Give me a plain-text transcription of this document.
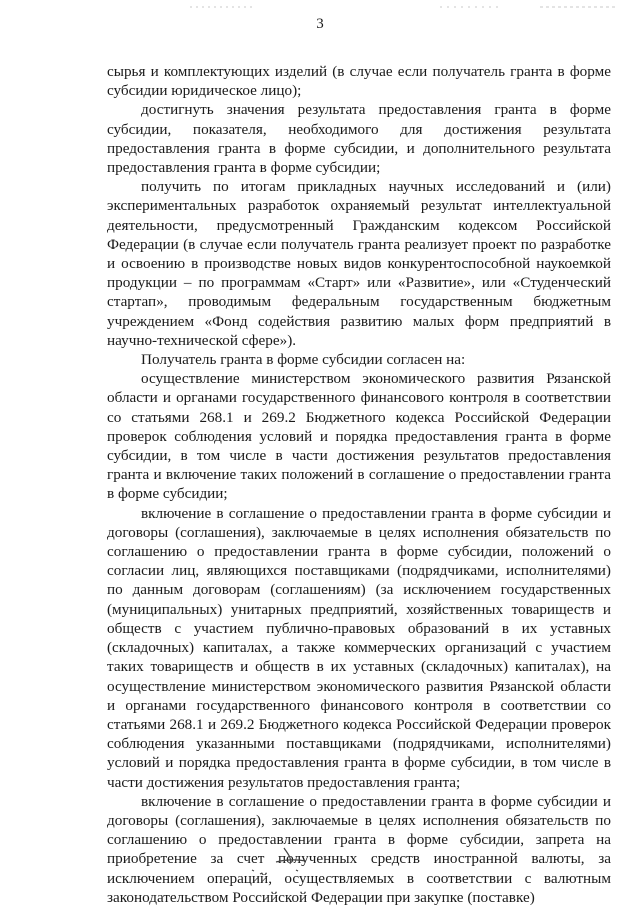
3

сырья и комплектующих изделий (в случае если получатель гранта в форме субсидии юридическое лицо);

достигнуть значения результата предоставления гранта в форме субсидии, показателя, необходимого для достижения результата предоставления гранта в форме субсидии, и дополнительного результата предоставления гранта в форме субсидии;

получить по итогам прикладных научных исследований и (или) экспериментальных разработок охраняемый результат интеллектуальной деятельности, предусмотренный Гражданским кодексом Российской Федерации (в случае если получатель гранта реализует проект по разработке и освоению в производстве новых видов конкурентоспособной наукоемкой продукции – по программам «Старт» или «Развитие», или «Студенческий стартап», проводимым федеральным государственным бюджетным учреждением «Фонд содействия развитию малых форм предприятий в научно-технической сфере»).

Получатель гранта в форме субсидии согласен на:

осуществление министерством экономического развития Рязанской области и органами государственного финансового контроля в соответствии со статьями 268.1 и 269.2 Бюджетного кодекса Российской Федерации проверок соблюдения условий и порядка предоставления гранта в форме субсидии, в том числе в части достижения результатов предоставления гранта и включение таких положений в соглашение о предоставлении гранта в форме субсидии;

включение в соглашение о предоставлении гранта в форме субсидии и договоры (соглашения), заключаемые в целях исполнения обязательств по соглашению о предоставлении гранта в форме субсидии, положений о согласии лиц, являющихся поставщиками (подрядчиками, исполнителями) по данным договорам (соглашениям) (за исключением государственных (муниципальных) унитарных предприятий, хозяйственных товариществ и обществ с участием публично-правовых образований в их уставных (складочных) капиталах, а также коммерческих организаций с участием таких товариществ и обществ в их уставных (складочных) капиталах), на осуществление министерством экономического развития Рязанской области и органами государственного финансового контроля в соответствии со статьями 268.1 и 269.2 Бюджетного кодекса Российской Федерации проверок соблюдения указанными поставщиками (подрядчиками, исполнителями) условий и порядка предоставления гранта в форме субсидии, в том числе в части достижения результатов предоставления гранта;

включение в соглашение о предоставлении гранта в форме субсидии и договоры (соглашения), заключаемые в целях исполнения обязательств по соглашению о предоставлении гранта в форме субсидии, запрета на приобретение за счет полученных средств иностранной валюты, за исключением операций, осуществляемых в соответствии с валютным законодательством Российской Федерации при закупке (поставке)
